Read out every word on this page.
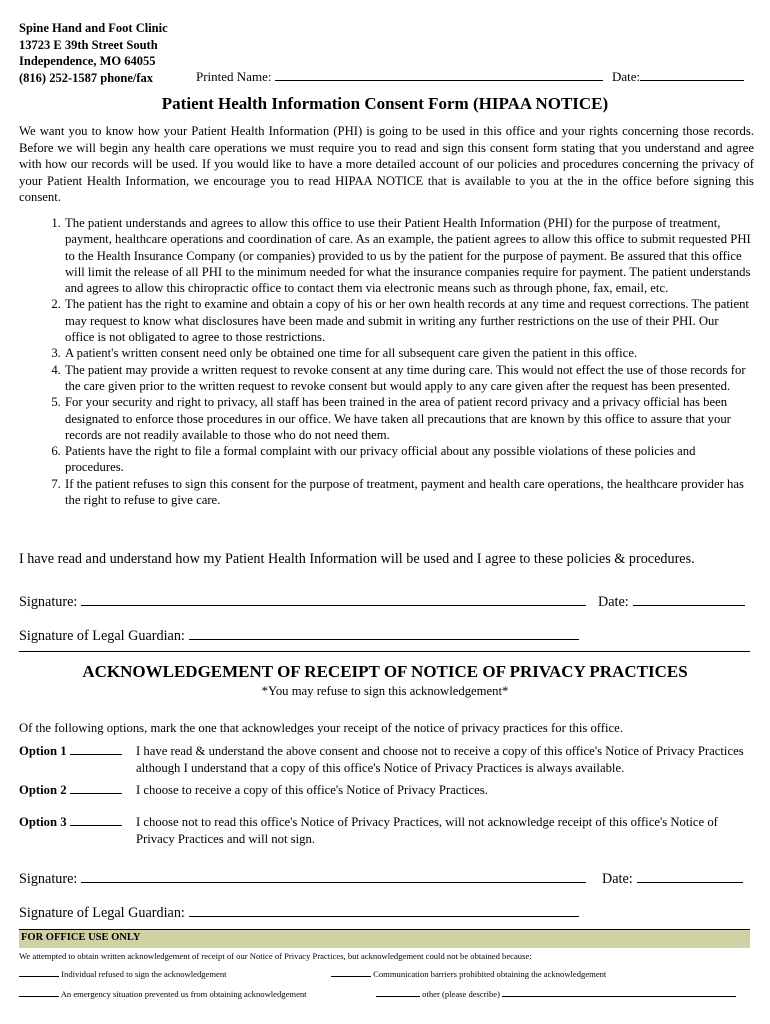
Spine Hand and Foot Clinic
13723 E 39th Street South
Independence, MO 64055
(816) 252-1587 phone/fax	Printed Name:	Date:
Patient Health Information Consent Form (HIPAA NOTICE)
We want you to know how your Patient Health Information (PHI) is going to be used in this office and your rights concerning those records. Before we will begin any health care operations we must require you to read and sign this consent form stating that you understand and agree with how our records will be used. If you would like to have a more detailed account of our policies and procedures concerning the privacy of your Patient Health Information, we encourage you to read HIPAA NOTICE that is available to you at the in the office before signing this consent.
1. The patient understands and agrees to allow this office to use their Patient Health Information (PHI) for the purpose of treatment, payment, healthcare operations and coordination of care. As an example, the patient agrees to allow this office to submit requested PHI to the Health Insurance Company (or companies) provided to us by the patient for the purpose of payment. Be assured that this office will limit the release of all PHI to the minimum needed for what the insurance companies require for payment. The patient understands and agrees to allow this chiropractic office to contact them via electronic means such as through phone, fax, email, etc.
2. The patient has the right to examine and obtain a copy of his or her own health records at any time and request corrections. The patient may request to know what disclosures have been made and submit in writing any further restrictions on the use of their PHI. Our office is not obligated to agree to those restrictions.
3. A patient's written consent need only be obtained one time for all subsequent care given the patient in this office.
4. The patient may provide a written request to revoke consent at any time during care. This would not effect the use of those records for the care given prior to the written request to revoke consent but would apply to any care given after the request has been presented.
5. For your security and right to privacy, all staff has been trained in the area of patient record privacy and a privacy official has been designated to enforce those procedures in our office. We have taken all precautions that are known by this office to assure that your records are not readily available to those who do not need them.
6. Patients have the right to file a formal complaint with our privacy official about any possible violations of these policies and procedures.
7. If the patient refuses to sign this consent for the purpose of treatment, payment and health care operations, the healthcare provider has the right to refuse to give care.
I have read and understand how my Patient Health Information will be used and I agree to these policies & procedures.
Signature:	Date:
Signature of Legal Guardian:
ACKNOWLEDGEMENT OF RECEIPT OF NOTICE OF PRIVACY PRACTICES
*You may refuse to sign this acknowledgement*
Of the following options, mark the one that acknowledges your receipt of the notice of privacy practices for this office.
Option 1	I have read & understand the above consent and choose not to receive a copy of this office's Notice of Privacy Practices although I understand that a copy of this office's Notice of Privacy Practices is always available.
Option 2	I choose to receive a copy of this office's Notice of Privacy Practices.
Option 3	I choose not to read this office's Notice of Privacy Practices, will not acknowledge receipt of this office's Notice of Privacy Practices and will not sign.
Signature:	Date:
Signature of Legal Guardian:
FOR OFFICE USE ONLY
We attempted to obtain written acknowledgement of receipt of our Notice of Privacy Practices, but acknowledgement could not be obtained because:
Individual refused to sign the acknowledgement	Communication barriers prohibited obtaining the acknowledgement
An emergency situation prevented us from obtaining acknowledgement	other (please describe)
